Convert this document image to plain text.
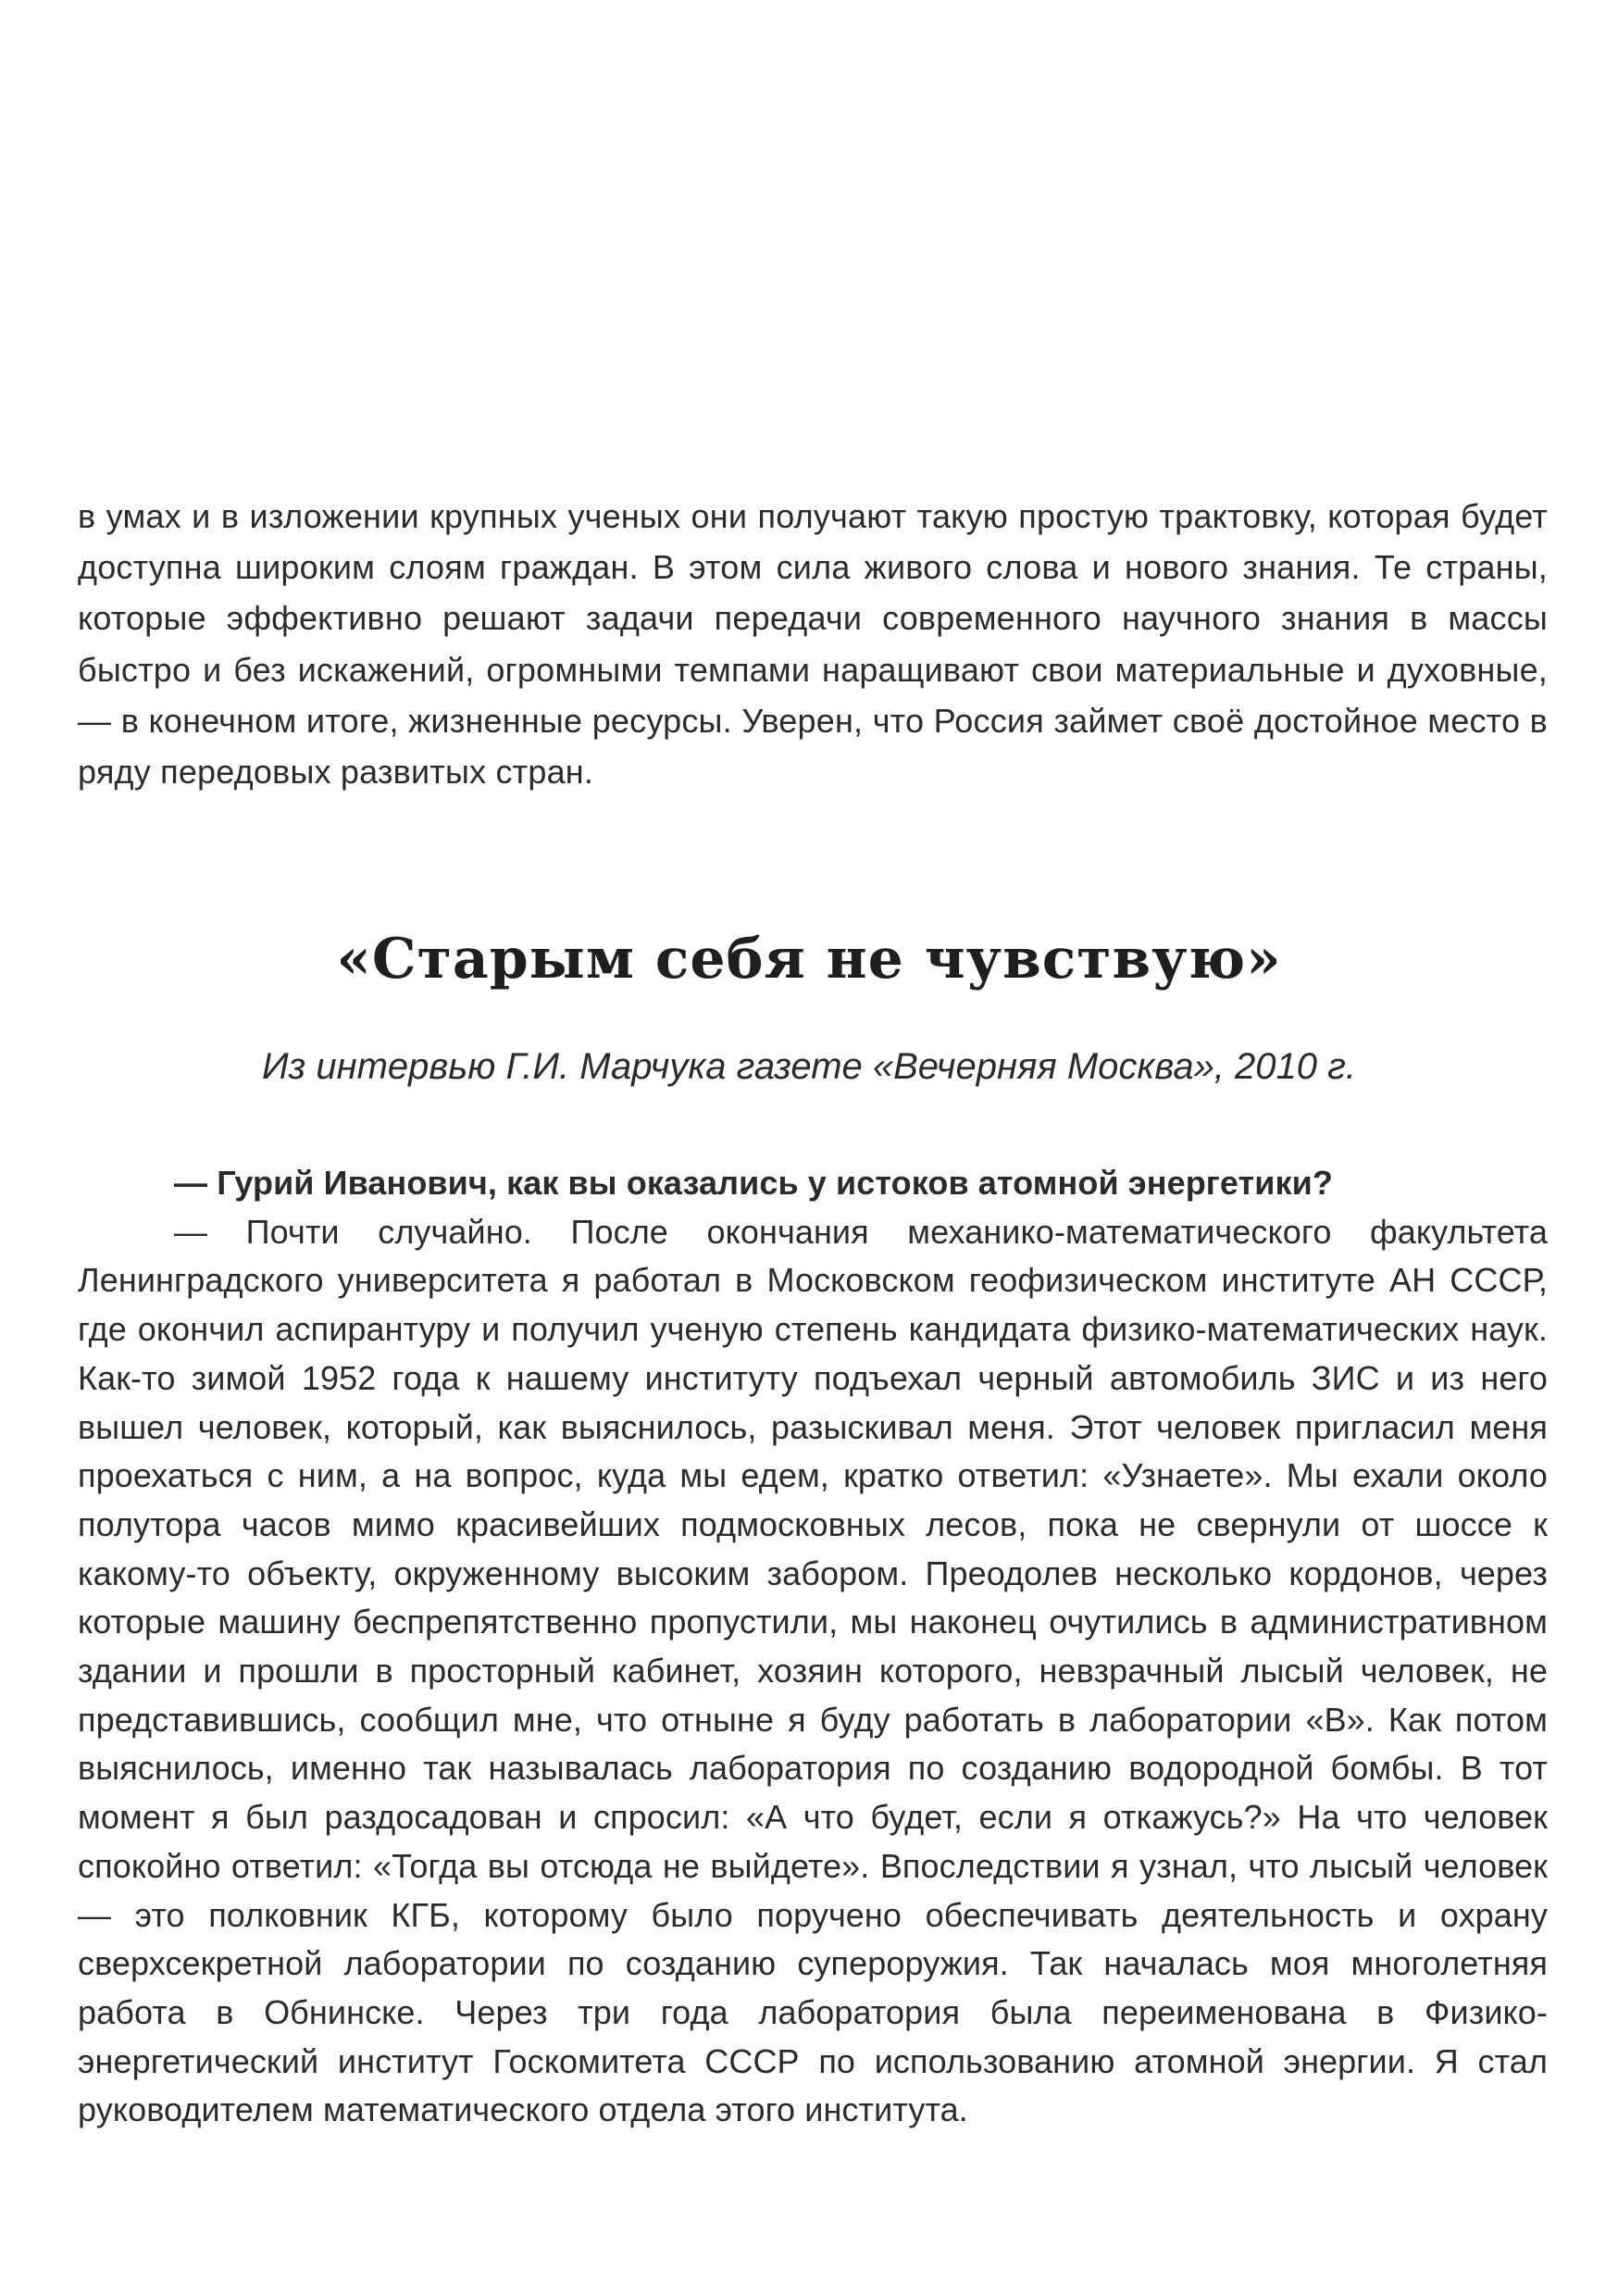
в умах и в изложении крупных ученых они получают такую простую трактовку, которая будет доступна широким слоям граждан. В этом сила живого слова и нового знания. Те страны, которые эффективно решают задачи передачи современного научного знания в массы быстро и без искажений, огромными темпами наращивают свои материальные и духовные, — в конечном итоге, жизненные ресурсы. Уверен, что Россия займет своё достойное место в ряду передовых развитых стран.

«Старым себя не чувствую»

Из интервью Г.И. Марчука газете «Вечерняя Москва», 2010 г.

— Гурий Иванович, как вы оказались у истоков атомной энергетики?

— Почти случайно. После окончания механико-математического факультета Ленинградского университета я работал в Московском геофизическом институте АН СССР, где окончил аспирантуру и получил ученую степень кандидата физико-математических наук. Как-то зимой 1952 года к нашему институту подъехал черный автомобиль ЗИС и из него вышел человек, который, как выяснилось, разыскивал меня. Этот человек пригласил меня проехаться с ним, а на вопрос, куда мы едем, кратко ответил: «Узнаете». Мы ехали около полутора часов мимо красивейших подмосковных лесов, пока не свернули от шоссе к какому-то объекту, окруженному высоким забором. Преодолев несколько кордонов, через которые машину беспрепятственно пропустили, мы наконец очутились в административном здании и прошли в просторный кабинет, хозяин которого, невзрачный лысый человек, не представившись, сообщил мне, что отныне я буду работать в лаборатории «В». Как потом выяснилось, именно так называлась лаборатория по созданию водородной бомбы. В тот момент я был раздосадован и спросил: «А что будет, если я откажусь?» На что человек спокойно ответил: «Тогда вы отсюда не выйдете». Впоследствии я узнал, что лысый человек — это полковник КГБ, которому было поручено обеспечивать деятельность и охрану сверхсекретной лаборатории по созданию супероружия. Так началась моя многолетняя работа в Обнинске. Через три года лаборатория была переименована в Физико-энергетический институт Госкомитета СССР по использованию атомной энергии. Я стал руководителем математического отдела этого института.
